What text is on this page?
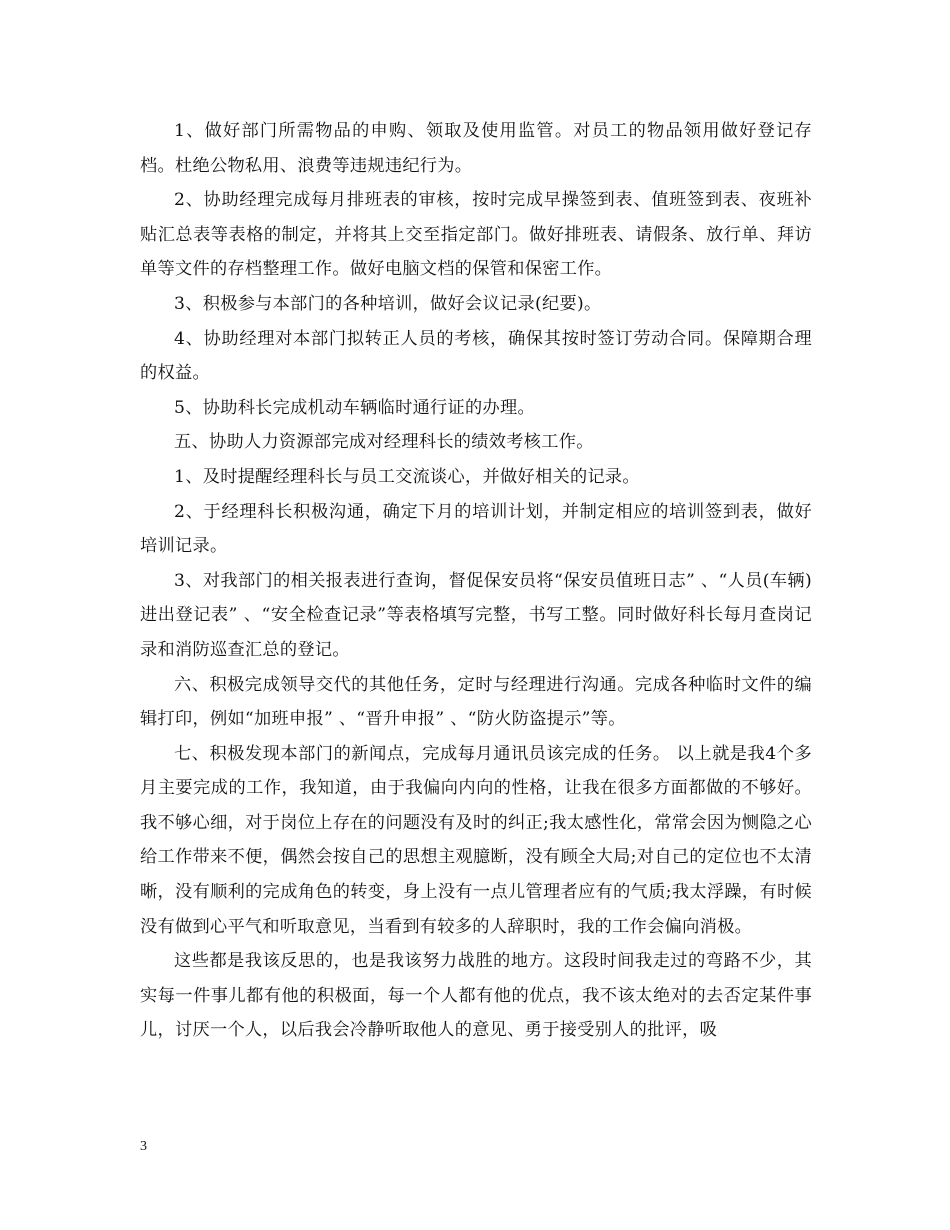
1、做好部门所需物品的申购、领取及使用监管。对员工的物品领用做好登记存档。杜绝公物私用、浪费等违规违纪行为。

2、协助经理完成每月排班表的审核，按时完成早操签到表、值班签到表、夜班补贴汇总表等表格的制定，并将其上交至指定部门。做好排班表、请假条、放行单、拜访单等文件的存档整理工作。做好电脑文档的保管和保密工作。

3、积极参与本部门的各种培训，做好会议记录(纪要)。

4、协助经理对本部门拟转正人员的考核，确保其按时签订劳动合同。保障期合理的权益。

5、协助科长完成机动车辆临时通行证的办理。

五、协助人力资源部完成对经理科长的绩效考核工作。

1、及时提醒经理科长与员工交流谈心，并做好相关的记录。

2、于经理科长积极沟通，确定下月的培训计划，并制定相应的培训签到表，做好培训记录。

3、对我部门的相关报表进行查询，督促保安员将“保安员值班日志” 、“人员(车辆)进出登记表” 、“安全检查记录”等表格填写完整，书写工整。同时做好科长每月查岗记录和消防巡查汇总的登记。

六、积极完成领导交代的其他任务，定时与经理进行沟通。完成各种临时文件的编辑打印，例如“加班申报” 、“晋升申报” 、“防火防盗提示”等。

七、积极发现本部门的新闻点，完成每月通讯员该完成的任务。 以上就是我4个多月主要完成的工作，我知道，由于我偏向内向的性格，让我在很多方面都做的不够好。我不够心细，对于岗位上存在的问题没有及时的纠正;我太感性化，常常会因为恻隐之心给工作带来不便，偶然会按自己的思想主观臆断，没有顾全大局;对自己的定位也不太清晰，没有顺利的完成角色的转变，身上没有一点儿管理者应有的气质;我太浮躁，有时候没有做到心平气和听取意见，当看到有较多的人辞职时，我的工作会偏向消极。

这些都是我该反思的，也是我该努力战胜的地方。这段时间我走过的弯路不少，其实每一件事儿都有他的积极面，每一个人都有他的优点，我不该太绝对的去否定某件事儿，讨厌一个人，以后我会冷静听取他人的意见、勇于接受别人的批评，吸

3
